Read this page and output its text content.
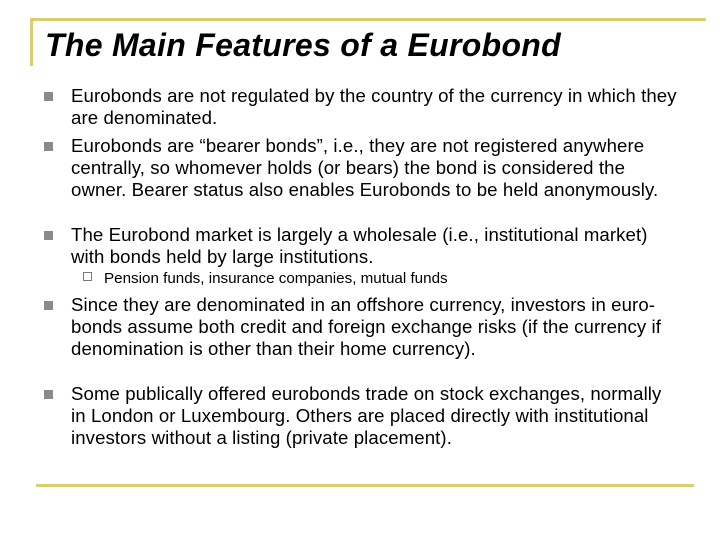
The Main Features of a Eurobond

Eurobonds are not regulated by the country of the currency in which they are denominated.

Eurobonds are “bearer bonds”, i.e., they are not registered anywhere centrally, so whomever holds (or bears) the bond is considered the owner. Bearer status also enables Eurobonds to be held anonymously.

The Eurobond market is largely a wholesale (i.e., institutional market) with bonds held by large institutions.

Pension funds, insurance companies, mutual funds

Since they are denominated in an offshore currency, investors in euro-bonds assume both credit and foreign exchange risks (if the currency if denomination is other than their home currency).

Some publically offered eurobonds trade on stock exchanges, normally in London or Luxembourg. Others are placed directly with institutional investors without a listing (private placement).
